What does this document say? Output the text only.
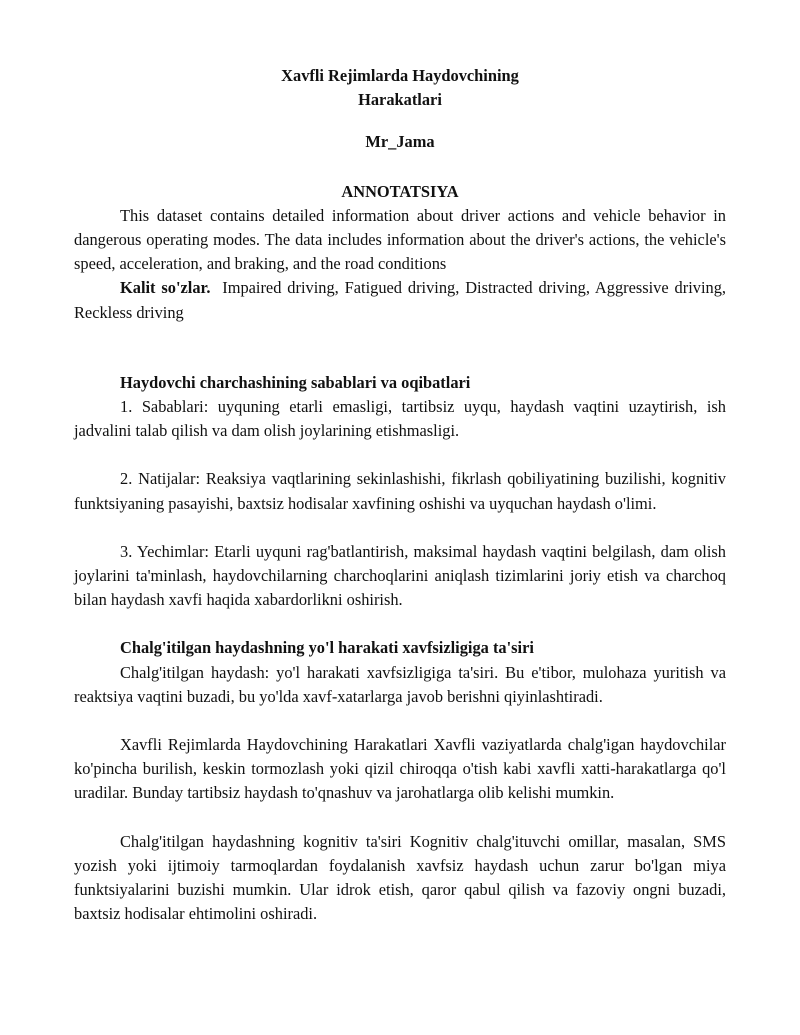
Xavfli Rejimlarda Haydovchining
Harakatlari
Mr_Jama
ANNOTATSIYA

This dataset contains detailed information about driver actions and vehicle behavior in dangerous operating modes. The data includes information about the driver's actions, the vehicle's speed, acceleration, and braking, and the road conditions

Kalit so'zlar. Impaired driving, Fatigued driving, Distracted driving, Aggressive driving, Reckless driving

Haydovchi charchashining sabablari va oqibatlari

1. Sabablari: uyquning etarli emasligi, tartibsiz uyqu, haydash vaqtini uzaytirish, ish jadvalini talab qilish va dam olish joylarining etishmasligi.

2. Natijalar: Reaksiya vaqtlarining sekinlashishi, fikrlash qobiliyatining buzilishi, kognitiv funktsiyaning pasayishi, baxtsiz hodisalar xavfining oshishi va uyquchan haydash o'limi.

3. Yechimlar: Etarli uyquni rag'batlantirish, maksimal haydash vaqtini belgilash, dam olish joylarini ta'minlash, haydovchilarning charchoqlarini aniqlash tizimlarini joriy etish va charchoq bilan haydash xavfi haqida xabardorlikni oshirish.

Chalg'itilgan haydashning yo'l harakati xavfsizligiga ta'siri

Chalg'itilgan haydash: yo'l harakati xavfsizligiga ta'siri. Bu e'tibor, mulohaza yuritish va reaktsiya vaqtini buzadi, bu yo'lda xavf-xatarlarga javob berishni qiyinlashtiradi.

Xavfli Rejimlarda Haydovchining Harakatlari Xavfli vaziyatlarda chalg'igan haydovchilar ko'pincha burilish, keskin tormozlash yoki qizil chiroqqa o'tish kabi xavfli xatti-harakatlarga qo'l uradilar. Bunday tartibsiz haydash to'qnashuv va jarohatlarga olib kelishi mumkin.

Chalg'itilgan haydashning kognitiv ta'siri Kognitiv chalg'ituvchi omillar, masalan, SMS yozish yoki ijtimoiy tarmoqlardan foydalanish xavfsiz haydash uchun zarur bo'lgan miya funktsiyalarini buzishi mumkin. Ular idrok etish, qaror qabul qilish va fazoviy ongni buzadi, baxtsiz hodisalar ehtimolini oshiradi.
